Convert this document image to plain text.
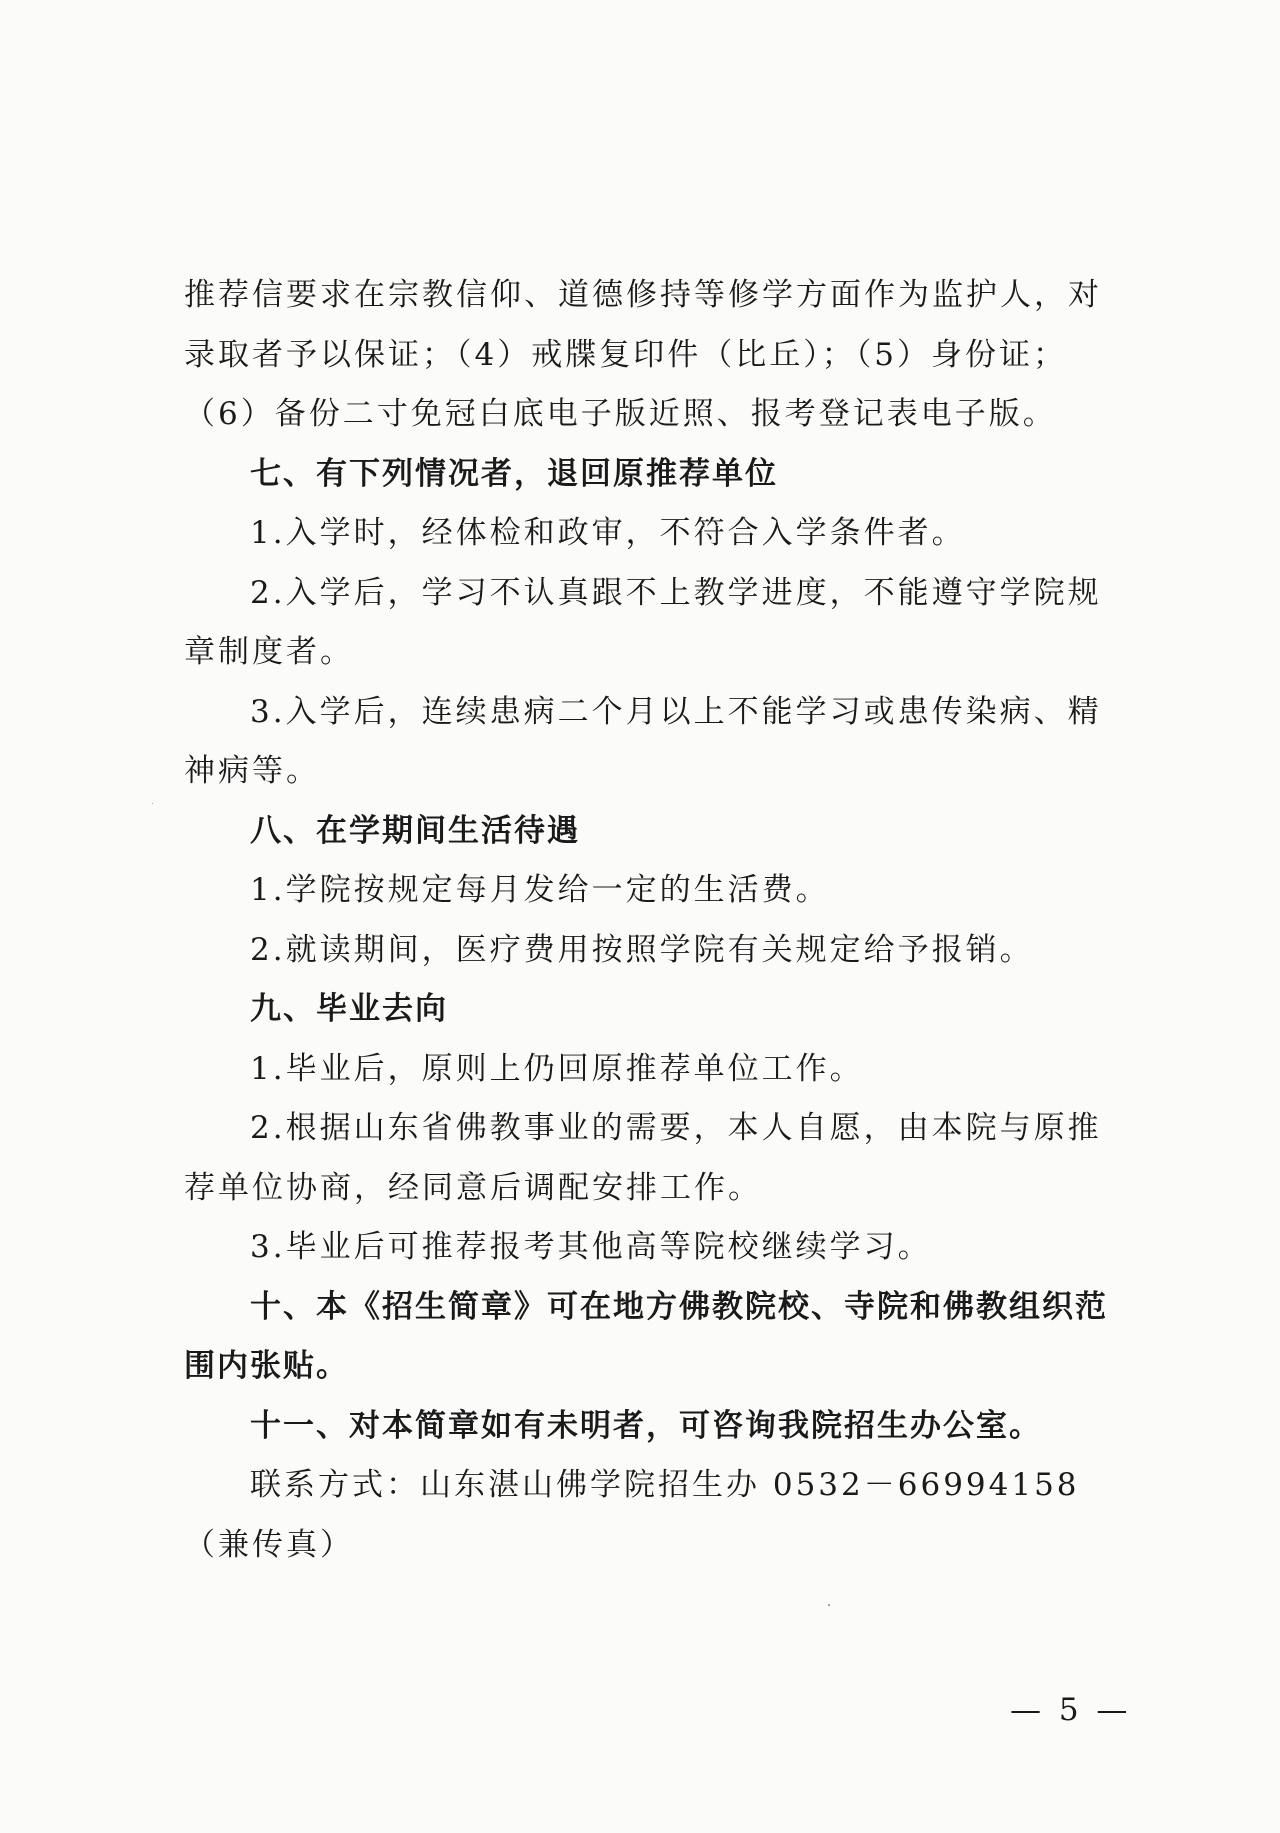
推荐信要求在宗教信仰、道德修持等修学方面作为监护人，对录取者予以保证；（4）戒牒复印件（比丘）；（5）身份证；（6）备份二寸免冠白底电子版近照、报考登记表电子版。

七、有下列情况者，退回原推荐单位

1.入学时，经体检和政审，不符合入学条件者。

2.入学后，学习不认真跟不上教学进度，不能遵守学院规章制度者。

3.入学后，连续患病二个月以上不能学习或患传染病、精神病等。

八、在学期间生活待遇

1.学院按规定每月发给一定的生活费。

2.就读期间，医疗费用按照学院有关规定给予报销。

九、毕业去向

1.毕业后，原则上仍回原推荐单位工作。

2.根据山东省佛教事业的需要，本人自愿，由本院与原推荐单位协商，经同意后调配安排工作。

3.毕业后可推荐报考其他高等院校继续学习。

十、本《招生简章》可在地方佛教院校、寺院和佛教组织范围内张贴。

十一、对本简章如有未明者，可咨询我院招生办公室。

联系方式：山东湛山佛学院招生办 0532－66994158（兼传真）

— 5 —
